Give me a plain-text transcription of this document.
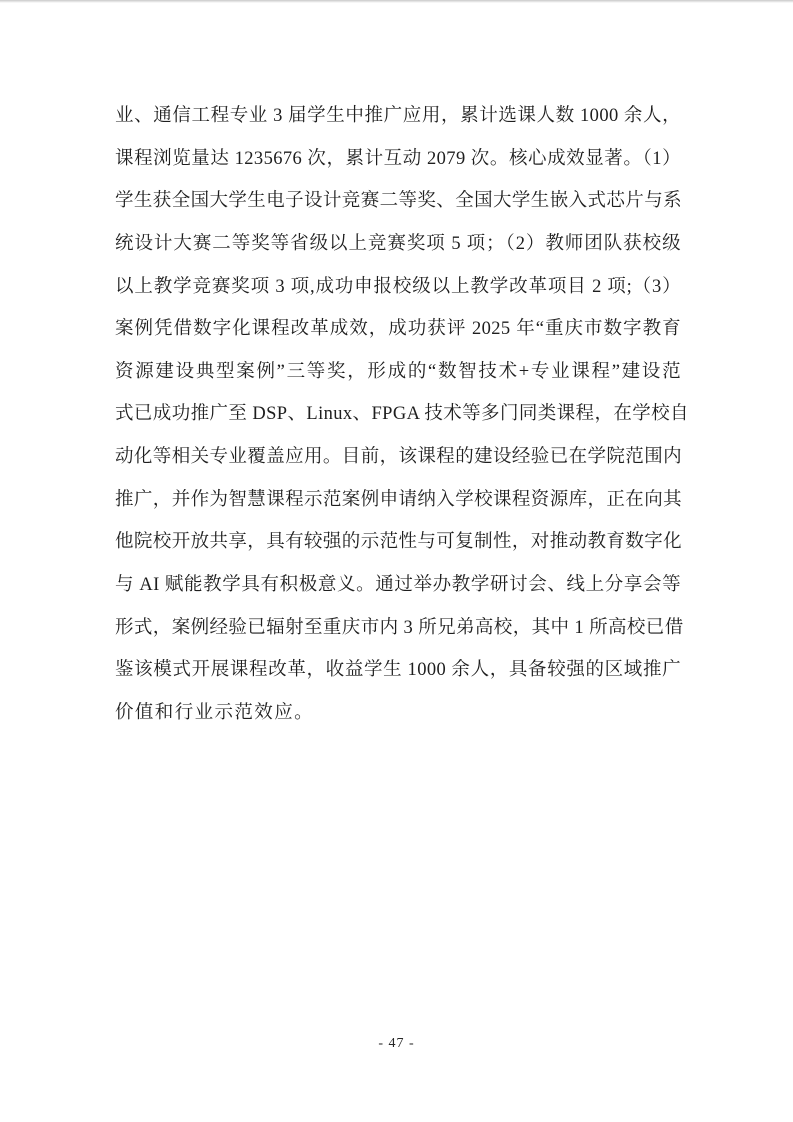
业、通信工程专业 3 届学生中推广应用，累计选课人数 1000 余人，
课程浏览量达 1235676 次，累计互动 2079 次。核心成效显著。（1）
学生获全国大学生电子设计竞赛二等奖、全国大学生嵌入式芯片与系
统设计大赛二等奖等省级以上竞赛奖项 5 项；（2）教师团队获校级
以上教学竞赛奖项 3 项,成功申报校级以上教学改革项目 2 项;（3）
案例凭借数字化课程改革成效，成功获评 2025 年“重庆市数字教育
资源建设典型案例”三等奖，形成的“数智技术+专业课程”建设范
式已成功推广至 DSP、Linux、FPGA 技术等多门同类课程，在学校自
动化等相关专业覆盖应用。目前，该课程的建设经验已在学院范围内
推广，并作为智慧课程示范案例申请纳入学校课程资源库，正在向其
他院校开放共享，具有较强的示范性与可复制性，对推动教育数字化
与 AI 赋能教学具有积极意义。通过举办教学研讨会、线上分享会等
形式，案例经验已辐射至重庆市内 3 所兄弟高校，其中 1 所高校已借
鉴该模式开展课程改革，收益学生 1000 余人，具备较强的区域推广
价值和行业示范效应。
- 47 -
